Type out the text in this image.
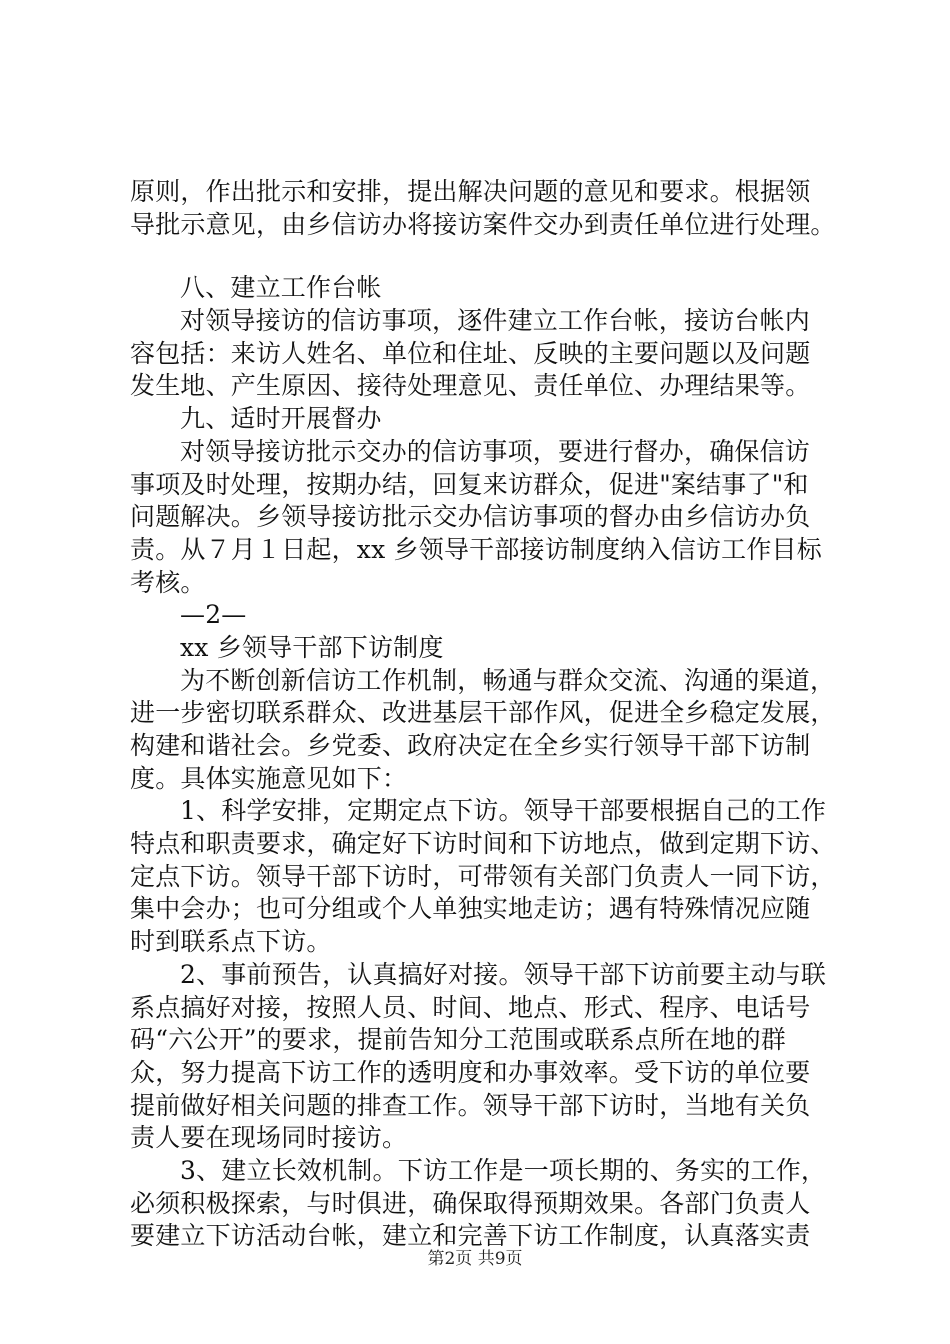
原则，作出批示和安排，提出解决问题的意见和要求。根据领

导批示意见，由乡信访办将接访案件交办到责任单位进行处理。

八、建立工作台帐

对领导接访的信访事项，逐件建立工作台帐，接访台帐内

容包括：来访人姓名、单位和住址、反映的主要问题以及问题

发生地、产生原因、接待处理意见、责任单位、办理结果等。

九、适时开展督办

对领导接访批示交办的信访事项，要进行督办，确保信访

事项及时处理，按期办结，回复来访群众，促进"案结事了"和

问题解决。乡领导接访批示交办信访事项的督办由乡信访办负

责。从７月１日起，xx 乡领导干部接访制度纳入信访工作目标

考核。

—2—

xx 乡领导干部下访制度

为不断创新信访工作机制，畅通与群众交流、沟通的渠道，

进一步密切联系群众、改进基层干部作风，促进全乡稳定发展，

构建和谐社会。乡党委、政府决定在全乡实行领导干部下访制

度。具体实施意见如下：

1、科学安排，定期定点下访。领导干部要根据自己的工作

特点和职责要求，确定好下访时间和下访地点，做到定期下访、

定点下访。领导干部下访时，可带领有关部门负责人一同下访，

集中会办；也可分组或个人单独实地走访；遇有特殊情况应随

时到联系点下访。

2、事前预告，认真搞好对接。领导干部下访前要主动与联

系点搞好对接，按照人员、时间、地点、形式、程序、电话号

码“六公开”的要求，提前告知分工范围或联系点所在地的群

众，努力提高下访工作的透明度和办事效率。受下访的单位要

提前做好相关问题的排查工作。领导干部下访时，当地有关负

责人要在现场同时接访。

3、建立长效机制。下访工作是一项长期的、务实的工作，

必须积极探索，与时俱进，确保取得预期效果。各部门负责人

要建立下访活动台帐，建立和完善下访工作制度，认真落实责

第2页 共9页
